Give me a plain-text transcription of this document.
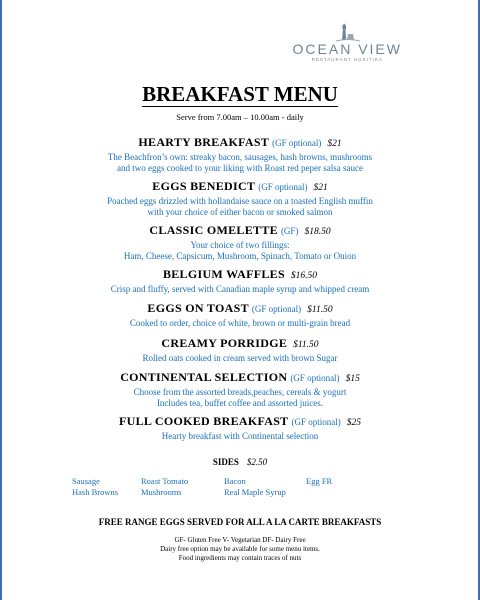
OCEAN VIEW
RESTAURANT HOKITIKA
BREAKFAST MENU
Serve from 7.00am – 10.00am - daily
HEARTY BREAKFAST (GF optional) $21
The Beachfron’s own: streaky bacon, sausages, hash browns, mushrooms
and two eggs cooked to your liking with Roast red peper salsa sauce
EGGS BENEDICT (GF optional) $21
Poached eggs drizzled with hollandaise sauce on a toasted English muffin
with your choice of either bacon or smoked salmon
CLASSIC OMELETTE (GF) $18.50
Your choice of two fillings:
Ham, Cheese, Capsicum, Mushroom, Spinach, Tomato or Onion
BELGIUM WAFFLES $16.50
Crisp and fluffy, served with Canadian maple syrup and whipped cream
EGGS ON TOAST (GF optional) $11.50
Cooked to order, choice of white, brown or multi-grain bread
CREAMY PORRIDGE $11.50
Rolled oats cooked in cream served with brown Sugar
CONTINENTAL SELECTION (GF optional) $15
Choose from the assorted breads,peaches, cereals & yogurt
Includes tea, buffet coffee and assorted juices.
FULL COOKED BREAKFAST (GF optional) $25
Hearty breakfast with Continental selection
SIDES $2.50
Sausage	Roast Tomato	Bacon	Egg FR
Hash Browns	Mushrooms	Real Maple Syrup
FREE RANGE EGGS SERVED FOR ALL A LA CARTE BREAKFASTS
GF- Gluten Free V- Vegetarian DF- Dairy Free
Dairy free option may be available for some menu items.
Food ingredients may contain traces of nuts
